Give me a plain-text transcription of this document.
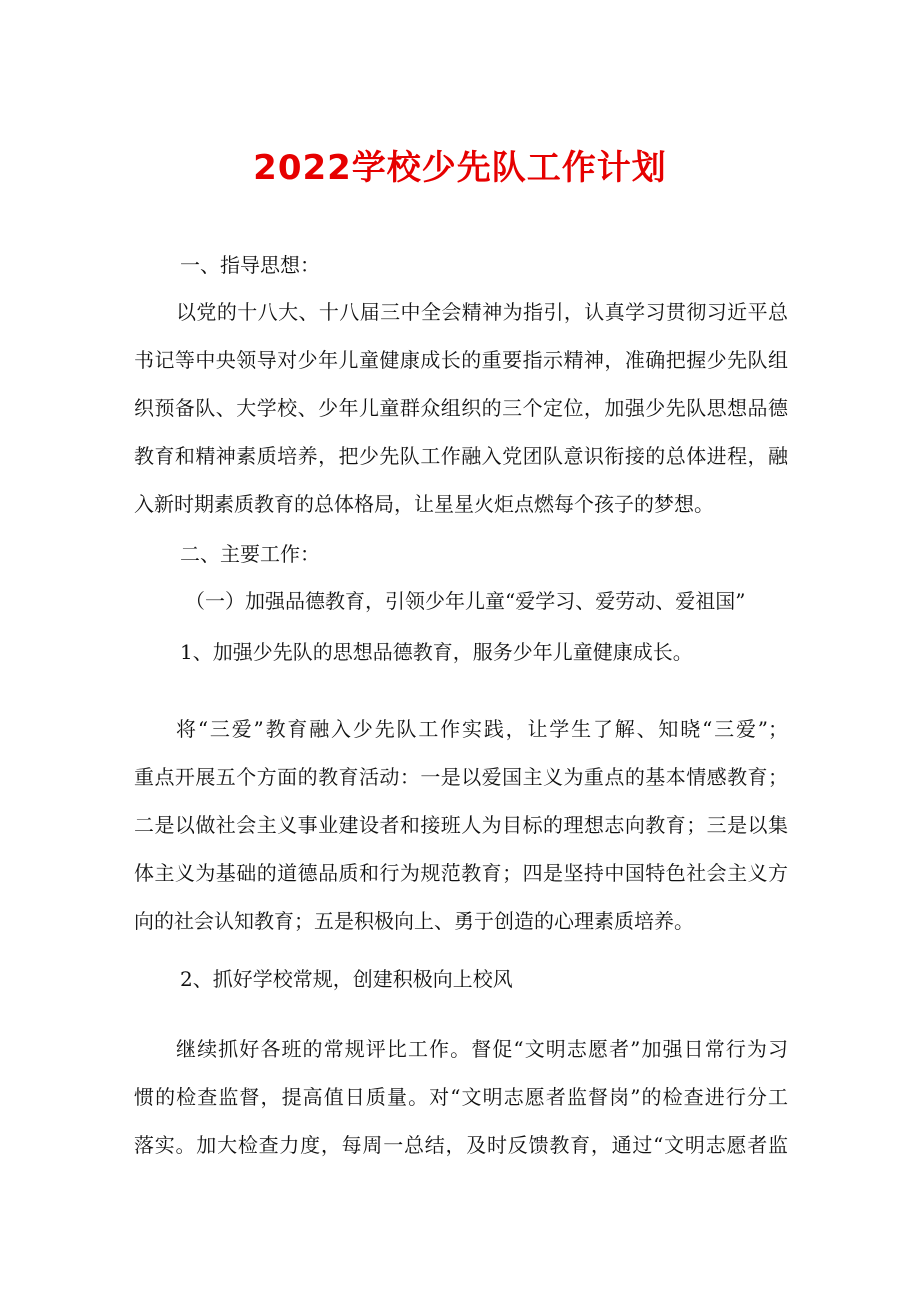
2022学校少先队工作计划
一、指导思想：
以党的十八大、十八届三中全会精神为指引，认真学习贯彻习近平总
书记等中央领导对少年儿童健康成长的重要指示精神，准确把握少先队组
织预备队、大学校、少年儿童群众组织的三个定位，加强少先队思想品德
教育和精神素质培养，把少先队工作融入党团队意识衔接的总体进程，融
入新时期素质教育的总体格局，让星星火炬点燃每个孩子的梦想。
二、主要工作：
（一）加强品德教育，引领少年儿童“爱学习、爱劳动、爱祖国”
1、加强少先队的思想品德教育，服务少年儿童健康成长。
将“三爱”教育融入少先队工作实践，让学生了解、知晓“三爱”；
重点开展五个方面的教育活动：一是以爱国主义为重点的基本情感教育；
二是以做社会主义事业建设者和接班人为目标的理想志向教育；三是以集
体主义为基础的道德品质和行为规范教育；四是坚持中国特色社会主义方
向的社会认知教育；五是积极向上、勇于创造的心理素质培养。
2、抓好学校常规，创建积极向上校风
继续抓好各班的常规评比工作。督促“文明志愿者”加强日常行为习
惯的检查监督，提高值日质量。对“文明志愿者监督岗”的检查进行分工
落实。加大检查力度，每周一总结，及时反馈教育，通过“文明志愿者监
